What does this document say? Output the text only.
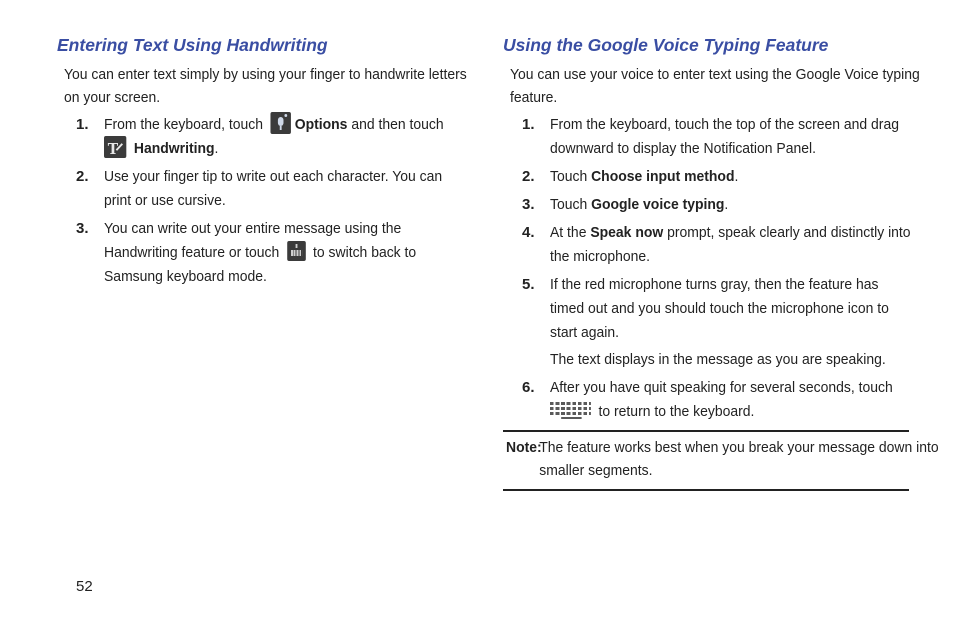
Entering Text Using Handwriting

You can enter text simply by using your finger to handwrite letters on your screen.

1. From the keyboard, touch Options and then touch
T Handwriting.
2. Use your finger tip to write out each character. You can print or use cursive.
3. You can write out your entire message using the Handwriting feature or touch to switch back to Samsung keyboard mode.
Using the Google Voice Typing Feature

You can use your voice to enter text using the Google Voice typing feature.

1. From the keyboard, touch the top of the screen and drag downward to display the Notification Panel.
2. Touch Choose input method.
3. Touch Google voice typing.
4. At the Speak now prompt, speak clearly and distinctly into the microphone.
5. If the red microphone turns gray, then the feature has timed out and you should touch the microphone icon to start again.

The text displays in the message as you are speaking.

6. After you have quit speaking for several seconds, touch
to return to the keyboard.
Note:
The feature works best when you break your message down into smaller segments.
52
